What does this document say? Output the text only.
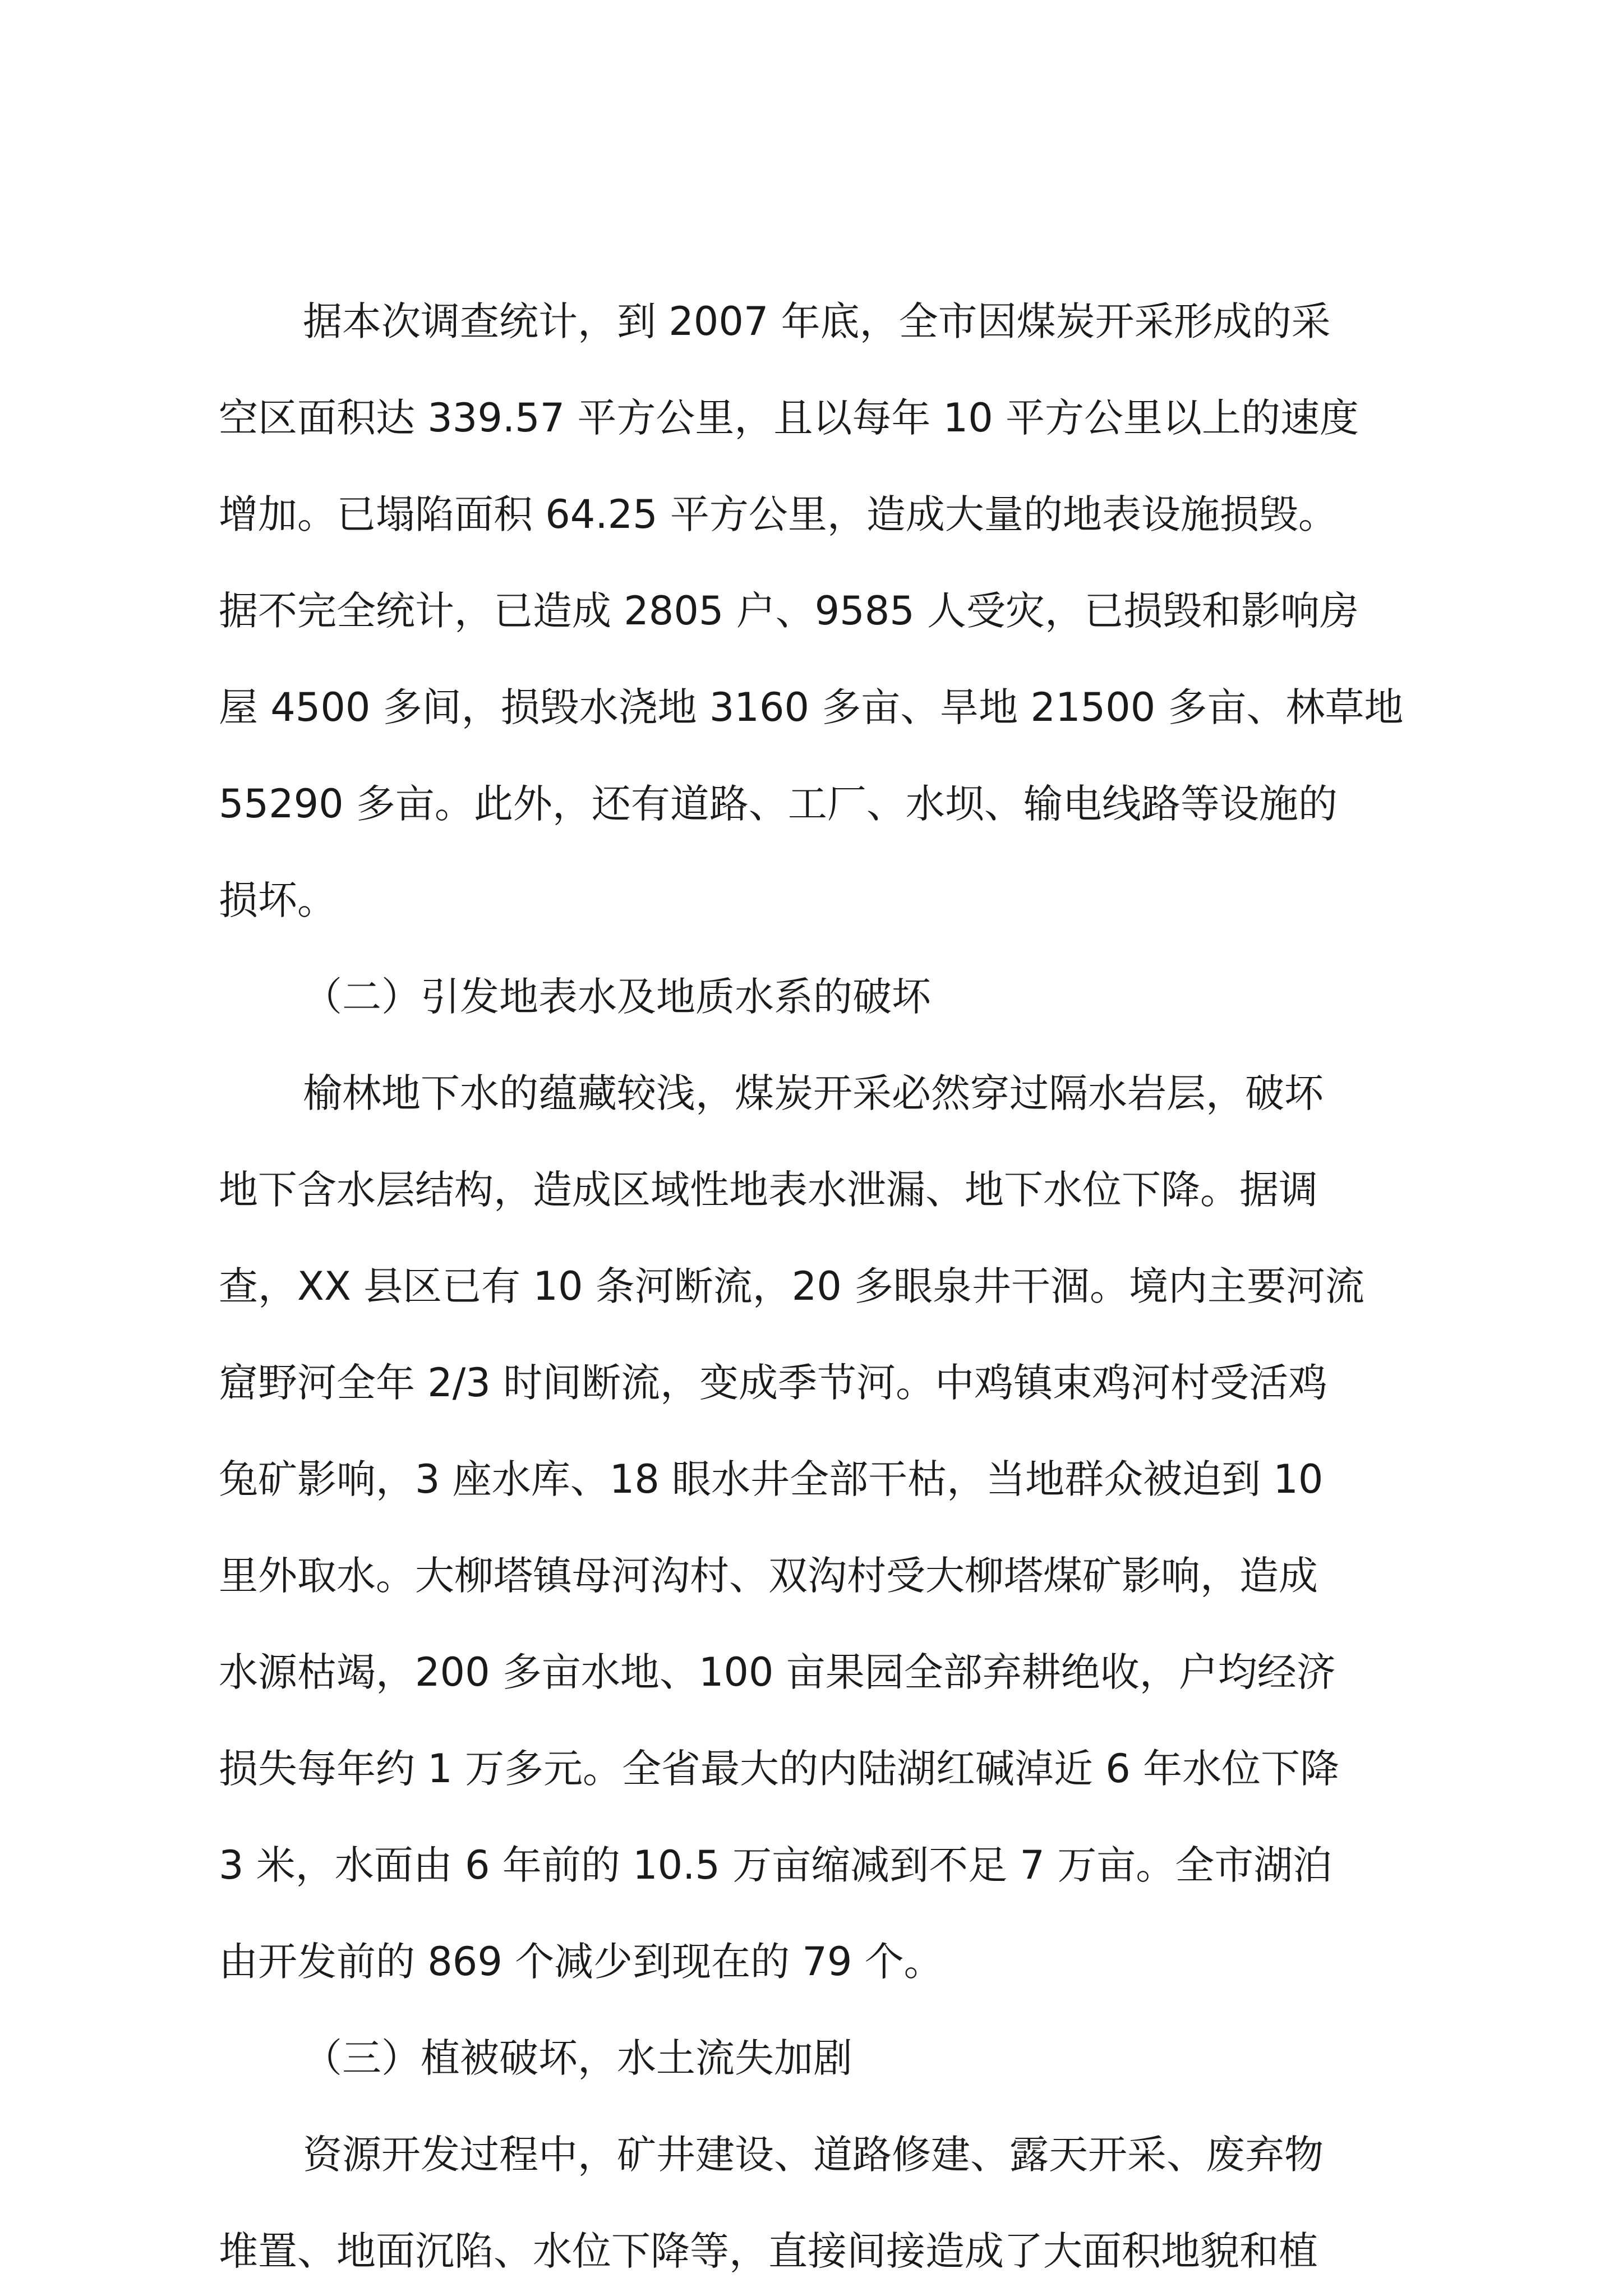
据本次调查统计，到 2007 年底，全市因煤炭开采形成的采
空区面积达 339.57 平方公里，且以每年 10 平方公里以上的速度
增加。已塌陷面积 64.25 平方公里，造成大量的地表设施损毁。
据不完全统计，已造成 2805 户、9585 人受灾，已损毁和影响房
屋 4500 多间，损毁水浇地 3160 多亩、旱地 21500 多亩、林草地
55290 多亩。此外，还有道路、工厂、水坝、输电线路等设施的
损坏。
（二）引发地表水及地质水系的破坏
榆林地下水的蕴藏较浅，煤炭开采必然穿过隔水岩层，破坏
地下含水层结构，造成区域性地表水泄漏、地下水位下降。据调
查，XX 县区已有 10 条河断流，20 多眼泉井干涸。境内主要河流
窟野河全年 2/3 时间断流，变成季节河。中鸡镇束鸡河村受活鸡
兔矿影响，3 座水库、18 眼水井全部干枯，当地群众被迫到 10
里外取水。大柳塔镇母河沟村、双沟村受大柳塔煤矿影响，造成
水源枯竭，200 多亩水地、100 亩果园全部弃耕绝收，户均经济
损失每年约 1 万多元。全省最大的内陆湖红碱淖近 6 年水位下降
3 米，水面由 6 年前的 10.5 万亩缩减到不足 7 万亩。全市湖泊
由开发前的 869 个减少到现在的 79 个。
（三）植被破坏，水土流失加剧
资源开发过程中，矿井建设、道路修建、露天开采、废弃物
堆置、地面沉陷、水位下降等，直接间接造成了大面积地貌和植
